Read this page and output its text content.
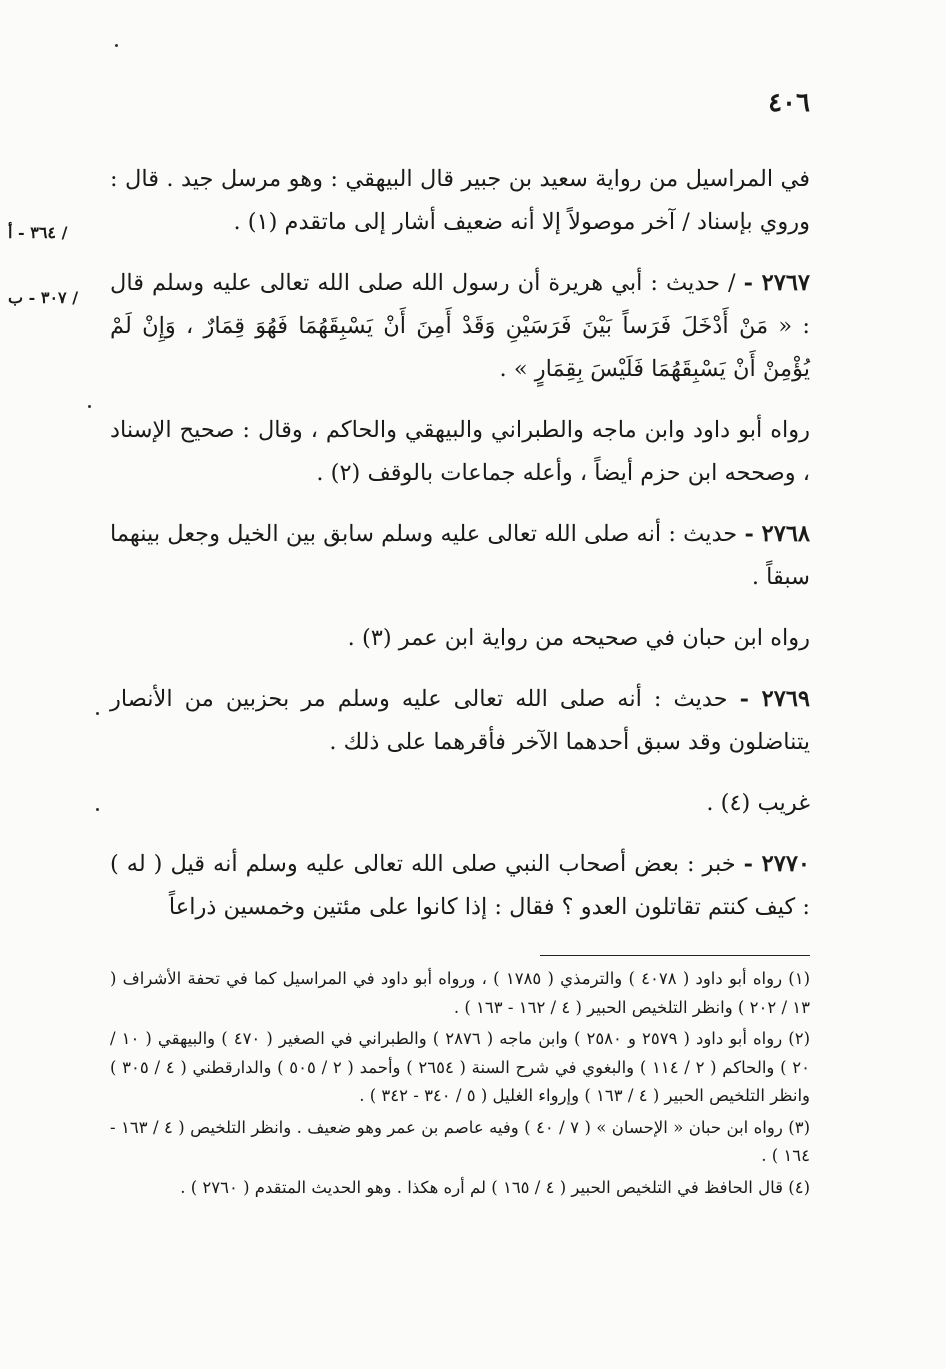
٤٠٦
/ ٣٦٤ - أ
/ ٣٠٧ - ب

في المراسيل من رواية سعيد بن جبير قال البيهقي : وهو مرسل جيد . قال : وروي بإسناد / آخر موصولاً إلا أنه ضعيف أشار إلى ماتقدم (١) .

٢٧٦٧ - / حديث : أبي هريرة أن رسول الله صلى الله تعالى عليه وسلم قال : « مَنْ أَدْخَلَ فَرَساً بَيْنَ فَرَسَيْنِ وَقَدْ أَمِنَ أَنْ يَسْبِقَهُمَا فَهُوَ قِمَارٌ ، وَإِنْ لَمْ يُؤْمِنْ أَنْ يَسْبِقَهُمَا فَلَيْسَ بِقِمَارٍ » .

رواه أبو داود وابن ماجه والطبراني والبيهقي والحاكم ، وقال : صحيح الإسناد ، وصححه ابن حزم أيضاً ، وأعله جماعات بالوقف (٢) .

٢٧٦٨ - حديث : أنه صلى الله تعالى عليه وسلم سابق بين الخيل وجعل بينهما سبقاً .

رواه ابن حبان في صحيحه من رواية ابن عمر (٣) .

٢٧٦٩ - حديث : أنه صلى الله تعالى عليه وسلم مر بحزبين من الأنصار يتناضلون وقد سبق أحدهما الآخر فأقرهما على ذلك .

غريب (٤) .

٢٧٧٠ - خبر : بعض أصحاب النبي صلى الله تعالى عليه وسلم أنه قيل ( له ) : كيف كنتم تقاتلون العدو ؟ فقال : إذا كانوا على مئتين وخمسين ذراعاً

(١) رواه أبو داود ( ٤٠٧٨ ) والترمذي ( ١٧٨٥ ) ، ورواه أبو داود في المراسيل كما في تحفة الأشراف ( ١٣ / ٢٠٢ ) وانظر التلخيص الحبير ( ٤ / ١٦٢ - ١٦٣ ) .

(٢) رواه أبو داود ( ٢٥٧٩ و ٢٥٨٠ ) وابن ماجه ( ٢٨٧٦ ) والطبراني في الصغير ( ٤٧٠ ) والبيهقي ( ١٠ / ٢٠ ) والحاكم ( ٢ / ١١٤ ) والبغوي في شرح السنة ( ٢٦٥٤ ) وأحمد ( ٢ / ٥٠٥ ) والدارقطني ( ٤ / ٣٠٥ ) وانظر التلخيص الحبير ( ٤ / ١٦٣ ) وإرواء الغليل ( ٥ / ٣٤٠ - ٣٤٢ ) .

(٣) رواه ابن حبان « الإحسان » ( ٧ / ٤٠ ) وفيه عاصم بن عمر وهو ضعيف . وانظر التلخيص ( ٤ / ١٦٣ - ١٦٤ ) .

(٤) قال الحافظ في التلخيص الحبير ( ٤ / ١٦٥ ) لم أره هكذا . وهو الحديث المتقدم ( ٢٧٦٠ ) .
